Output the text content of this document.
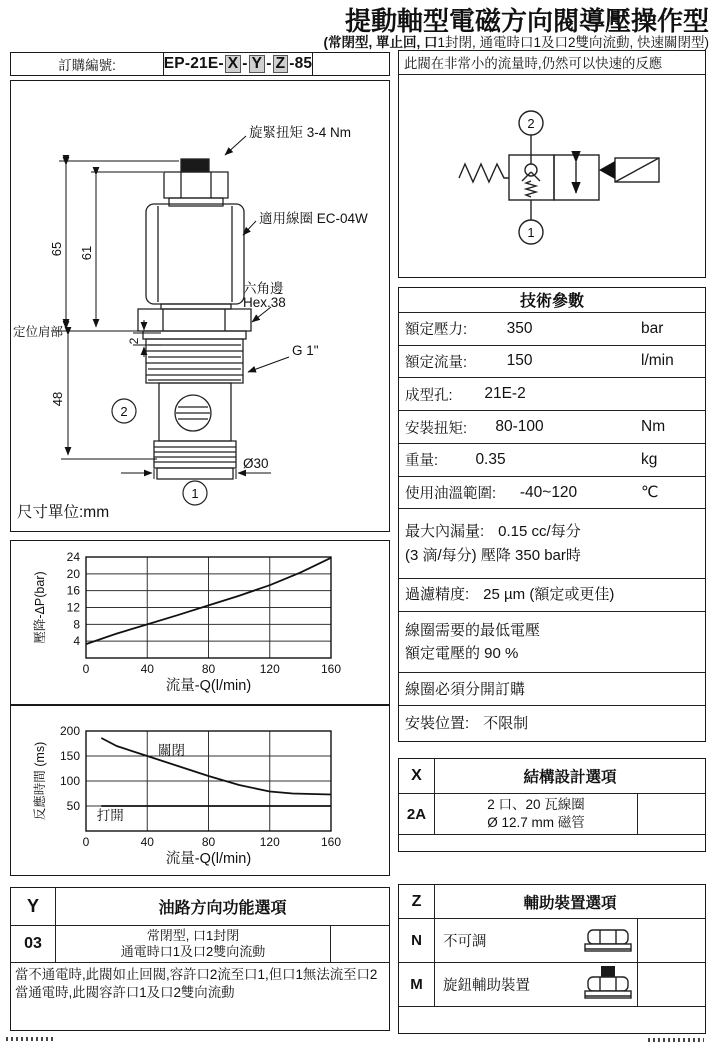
提動軸型電磁方向閥導壓操作型
(常閉型, 單止回, 口1封閉, 通電時口1及口2雙向流動, 快速關閉型)
訂購編號:	EP-21E- X - Y - Z -85
65 61
2
48
定位肩部
旋緊扭矩 3-4 Nm
適用線圈 EC-04W
六角邊
Hex.38
G 1"
Ø30
2
1
尺寸單位:mm
0	40	80	120	160
4
8
12
16
20
24
流量-Q(l/min)
壓降-ΔP(bar)
0	40	80	120	160
50
100
150
200
流量-Q(l/min)
反應時間 (ms)	關閉
打開
Y	油路方向功能選項
03	常閉型, 口1封閉
通電時口1及口2雙向流動
當不通電時,此閥如止回閥,容許口2流至口1,但口1無法流至口2
當通電時,此閥容許口1及口2雙向流動
此閥在非常小的流量時,仍然可以快速的反應
2
1
技術參數
額定壓力:	350	bar
額定流量:	150	l/min
成型孔:	21E-2
安裝扭矩:	80-100	Nm
重量:	0.35	kg
使用油溫範圍:	-40~120	℃
最大內漏量: 0.15 cc/每分
(3 滴/每分) 壓降 350 bar時
過濾精度: 25 µm (額定或更佳)
線圈需要的最低電壓
額定電壓的 90 %
線圈必須分開訂購
安裝位置: 不限制
X	結構設計選項
2A
2 口、20 瓦線圈
Ø 12.7 mm 磁管
Z	輔助裝置選項
N	不可調
M	旋鈕輔助裝置
